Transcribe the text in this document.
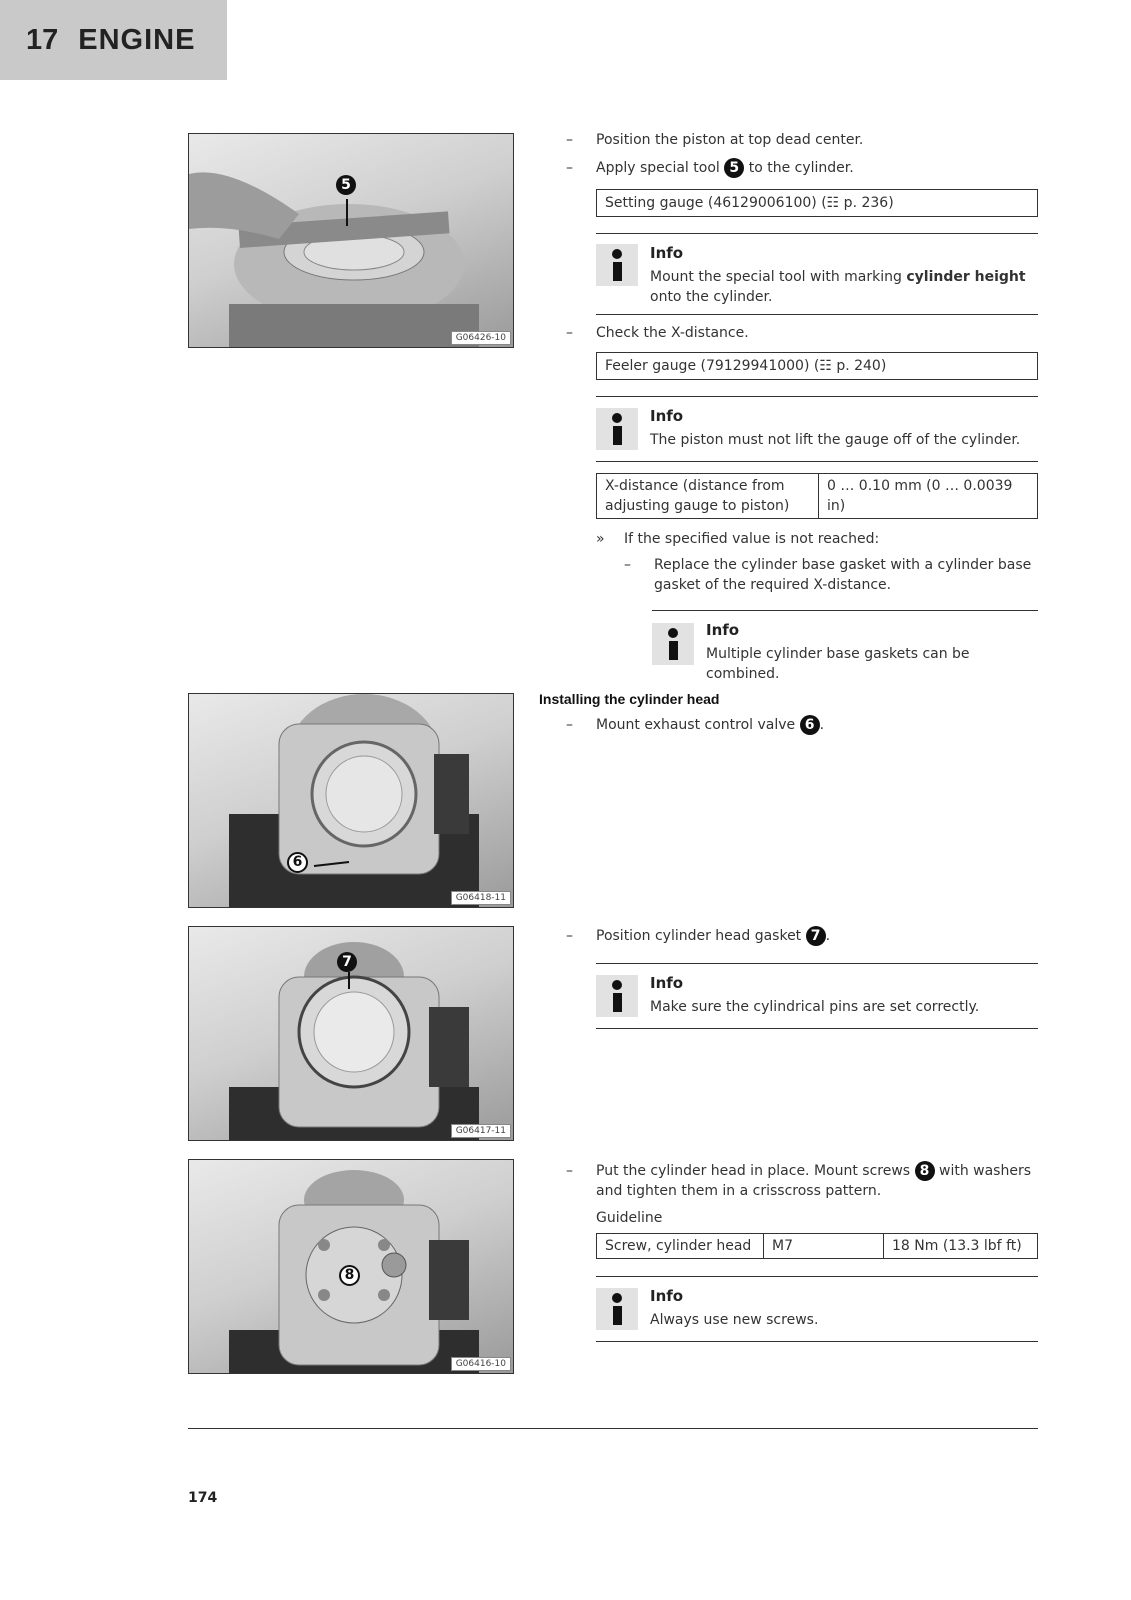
17 ENGINE
5
G06426-10
6
G06418-11
7
G06417-11
8
G06416-10
–	Position the piston at top dead center.
–	Apply special tool 5 to the cylinder.
Setting gauge (46129006100) (☷ p. 236)
Info
Mount the special tool with marking cylinder height onto the cylinder.
–	Check the X-distance.
Feeler gauge (79129941000) (☷ p. 240)
Info
The piston must not lift the gauge off of the cylinder.
X-distance (distance from adjusting gauge to piston)	0 … 0.10 mm (0 … 0.0039 in)
»	If the specified value is not reached:
–	Replace the cylinder base gasket with a cylinder base gasket of the required X-distance.
Info
Multiple cylinder base gaskets can be combined.
Installing the cylinder head
–	Mount exhaust control valve 6 .
–	Position cylinder head gasket 7 .
Info
Make sure the cylindrical pins are set correctly.
–	Put the cylinder head in place. Mount screws 8 with washers and tighten them in a crisscross pattern.
Guideline
Screw, cylinder head	M7	18 Nm (13.3 lbf ft)
Info
Always use new screws.
174
